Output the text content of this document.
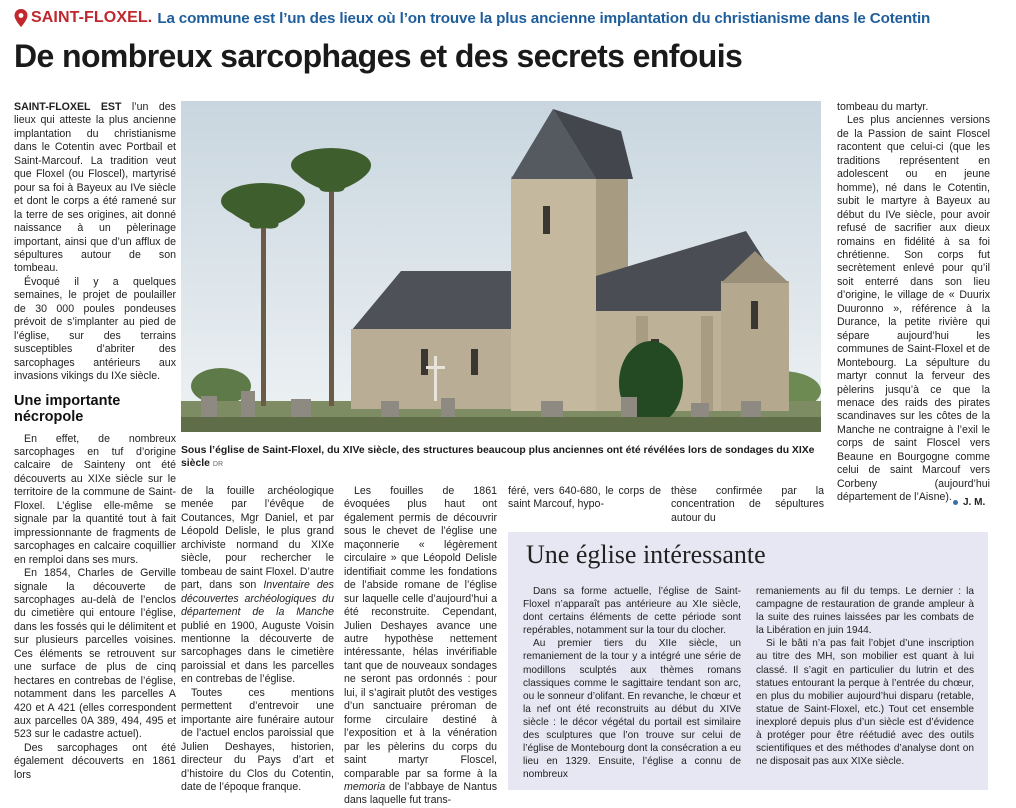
SAINT-FLOXEL. La commune est l’un des lieux où l’on trouve la plus ancienne implantation du christianisme dans le Cotentin
De nombreux sarcophages et des secrets enfouis

SAINT-FLOXEL EST l’un des lieux qui atteste la plus ancienne implantation du christianisme dans le Cotentin avec Portbail et Saint-Marcouf. La tradition veut que Floxel (ou Floscel), martyrisé pour sa foi à Bayeux au IVe siècle et dont le corps a été ramené sur la terre de ses origines, ait donné naissance à un pèlerinage important, ainsi que d’un afflux de sépultures autour de son tombeau.

Évoqué il y a quelques semaines, le projet de poulailler de 30 000 poules pondeuses prévoit de s’implanter au pied de l’église, sur des terrains susceptibles d’abriter des sarcophages antérieurs aux invasions vikings du IXe siècle.

Une importante nécropole

En effet, de nombreux sarcophages en tuf d’origine calcaire de Sainteny ont été découverts au XIXe siècle sur le territoire de la commune de Saint-Floxel. L’église elle-même se signale par la quantité tout à fait impressionnante de fragments de sarcophages en calcaire coquillier en remploi dans ses murs.

En 1854, Charles de Gerville signale la découverte de sarcophages au-delà de l’enclos du cimetière qui entoure l’église, dans les fossés qui le délimitent et sur plusieurs parcelles voisines. Ces éléments se retrouvent sur une surface de plus de cinq hectares en contrebas de l’église, notamment dans les parcelles A 420 et A 421 (elles correspondent aux parcelles 0A 389, 494, 495 et 523 sur le cadastre actuel).

Des sarcophages ont été également découverts en 1861 lors

Sous l’église de Saint-Floxel, du XIVe siècle, des structures beaucoup plus anciennes ont été révélées lors de sondages du XIXe siècle DR

de la fouille archéologique menée par l’évêque de Coutances, Mgr Daniel, et par Léopold Delisle, le plus grand archiviste normand du XIXe siècle, pour rechercher le tombeau de saint Floxel. D’autre part, dans son Inventaire des découvertes archéologiques du département de la Manche publié en 1900, Auguste Voisin mentionne la découverte de sarcophages dans le cimetière paroissial et dans les parcelles en contrebas de l’église.

Toutes ces mentions permettent d’entrevoir une importante aire funéraire autour de l’actuel enclos paroissial que Julien Deshayes, historien, directeur du Pays d’art et d’histoire du Clos du Cotentin, date de l’époque franque.

Les fouilles de 1861 évoquées plus haut ont également permis de découvrir sous le chevet de l’église une maçonnerie « légèrement circulaire » que Léopold Delisle identifiait comme les fondations de l’abside romane de l’église sur laquelle celle d’aujourd’hui a été reconstruite. Cependant, Julien Deshayes avance une autre hypothèse nettement intéressante, hélas invérifiable tant que de nouveaux sondages ne seront pas ordonnés : pour lui, il s’agirait plutôt des vestiges d’un sanctuaire préroman de forme circulaire destiné à l’exposition et à la vénération par les pèlerins du corps du saint martyr Floscel, comparable par sa forme à la memoria de l’abbaye de Nantus dans laquelle fut trans-

féré, vers 640-680, le corps de saint Marcouf, hypo-

thèse confirmée par la concentration de sépultures autour du

tombeau du martyr.

Les plus anciennes versions de la Passion de saint Floscel racontent que celui-ci (que les traditions représentent en adolescent ou en jeune homme), né dans le Cotentin, subit le martyre à Bayeux au début du IVe siècle, pour avoir refusé de sacrifier aux dieux romains en fidélité à sa foi chrétienne. Son corps fut secrètement enlevé pour qu’il soit enterré dans son lieu d’origine, le village de « Duurix Duuronno », référence à la Durance, la petite rivière qui sépare aujourd’hui les communes de Saint-Floxel et de Montebourg. La sépulture du martyr connut la ferveur des pèlerins jusqu’à ce que la menace des raids des pirates scandinaves sur les côtes de la Manche ne contraigne à l’exil le corps de saint Floscel vers Beaune en Bourgogne comme celui de saint Marcouf vers Corbeny (aujourd’hui département de l’Aisne).	J. M.
Une église intéressante

Dans sa forme actuelle, l’église de Saint-Floxel n’apparaît pas antérieure au XIe siècle, dont certains éléments de cette période sont repérables, notamment sur la tour du clocher.

Au premier tiers du XIIe siècle, un remaniement de la tour y a intégré une série de modillons sculptés aux thèmes romans classiques comme le sagittaire tendant son arc, ou le sonneur d’olifant. En revanche, le chœur et la nef ont été reconstruits au début du XIVe siècle : le décor végétal du portail est similaire des sculptures que l’on trouve sur celui de l’église de Montebourg dont la consécration a eu lieu en 1329. Ensuite, l’église a connu de nombreux

remaniements au fil du temps. Le dernier : la campagne de restauration de grande ampleur à la suite des ruines laissées par les combats de la Libération en juin 1944.

Si le bâti n’a pas fait l’objet d’une inscription au titre des MH, son mobilier est quant à lui classé. Il s’agit en particulier du lutrin et des statues entourant la perque à l’entrée du chœur, en plus du mobilier aujourd’hui disparu (retable, statue de Saint-Floxel, etc.) Tout cet ensemble inexploré depuis plus d’un siècle est d’évidence à protéger pour être réétudié avec des outils scientifiques et des méthodes d’analyse dont on ne disposait pas aux XIXe siècle.
